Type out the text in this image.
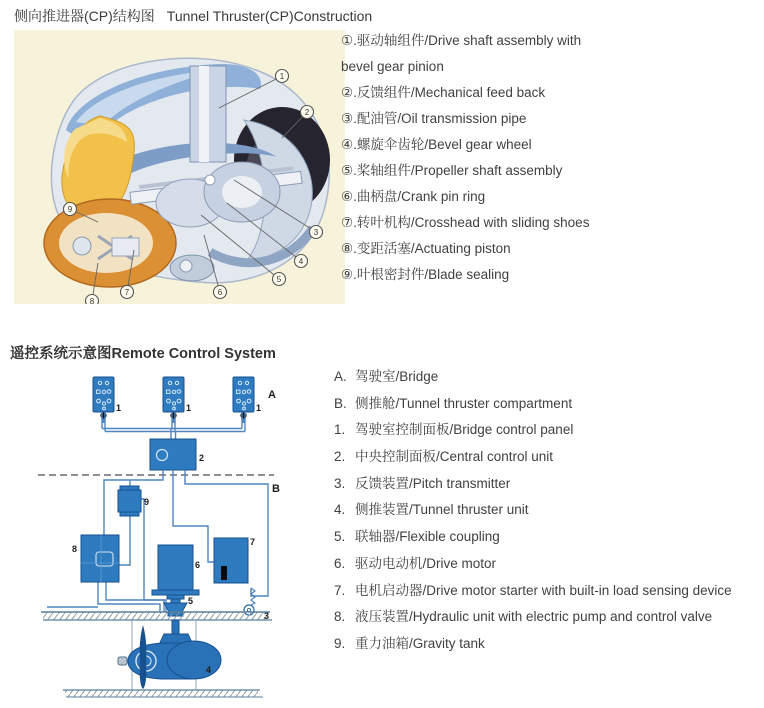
侧向推进器(CP)结构图 Tunnel Thruster(CP)Construction
1
2
3
4
5
6
7
8
9
①.驱动轴组件/Drive shaft assembly with
bevel gear pinion
②.反馈组件/Mechanical feed back
③.配油管/Oil transmission pipe
④.螺旋伞齿轮/Bevel gear wheel
⑤.桨轴组件/Propeller shaft assembly
⑥.曲柄盘/Crank pin ring
⑦.转叶机构/Crosshead with sliding shoes
⑧.变距活塞/Actuating piston
⑨.叶根密封件/Blade sealing
遥控系统示意图Remote Control System
1	1	1
A
2
B
9
8
6
7
5
3
4
A. 驾驶室/Bridge
B. 侧推舱/Tunnel thruster compartment
1. 驾驶室控制面板/Bridge control panel
2. 中央控制面板/Central control unit
3. 反馈装置/Pitch transmitter
4. 侧推装置/Tunnel thruster unit
5. 联轴器/Flexible coupling
6. 驱动电动机/Drive motor
7. 电机启动器/Drive motor starter with built-in load sensing device
8. 液压装置/Hydraulic unit with electric pump and control valve
9. 重力油箱/Gravity tank
